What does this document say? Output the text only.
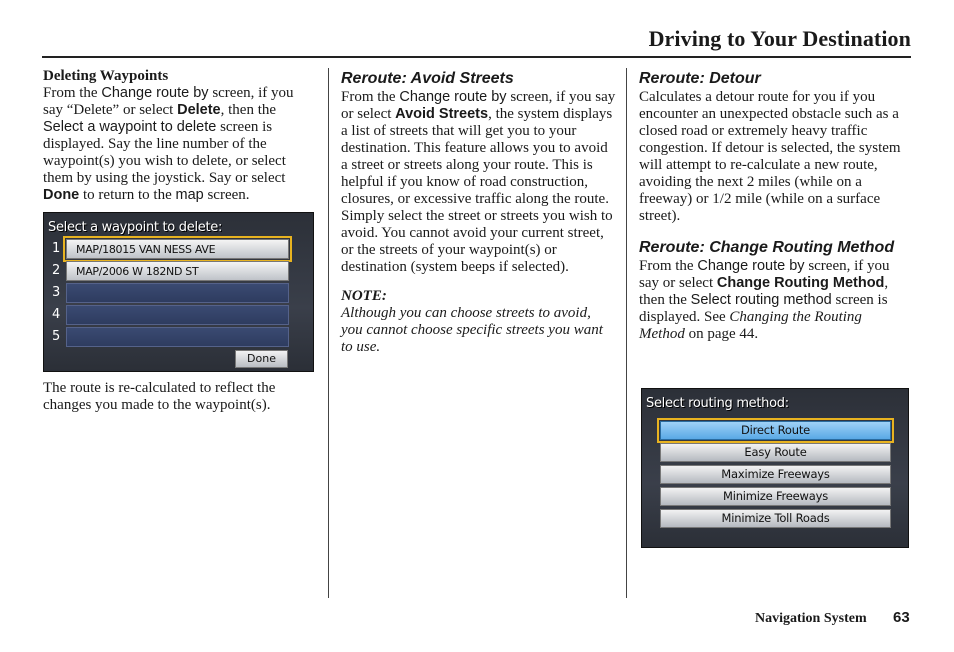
Driving to Your Destination

Deleting Waypoints

From the Change route by screen, if you say “Delete” or select Delete, then the Select a waypoint to delete screen is displayed. Say the line number of the waypoint(s) you wish to delete, or select them by using the joystick. Say or select Done to return to the map screen.

The route is re-calculated to reflect the changes you made to the waypoint(s).

Select a waypoint to delete:
1	MAP/18015 VAN NESS AVE
2	MAP/2006 W 182ND ST
3
4
5
Done

Reroute: Avoid Streets

From the Change route by screen, if you say or select Avoid Streets, the system displays a list of streets that will get you to your destination. This feature allows you to avoid a street or streets along your route. This is helpful if you know of road construction, closures, or excessive traffic along the route. Simply select the street or streets you wish to avoid. You cannot avoid your current street, or the streets of your waypoint(s) or destination (system beeps if selected).

NOTE:

Although you can choose streets to avoid, you cannot choose specific streets you want to use.

Reroute: Detour

Calculates a detour route for you if you encounter an unexpected obstacle such as a closed road or extremely heavy traffic congestion. If detour is selected, the system will attempt to re-calculate a new route, avoiding the next 2 miles (while on a freeway) or 1/2 mile (while on a surface street).

Reroute: Change Routing Method

From the Change route by screen, if you say or select Change Routing Method, then the Select routing method screen is displayed. See Changing the Routing Method on page 44.

Select routing method:
Direct Route
Easy Route
Maximize Freeways
Minimize Freeways
Minimize Toll Roads
Navigation System 63
